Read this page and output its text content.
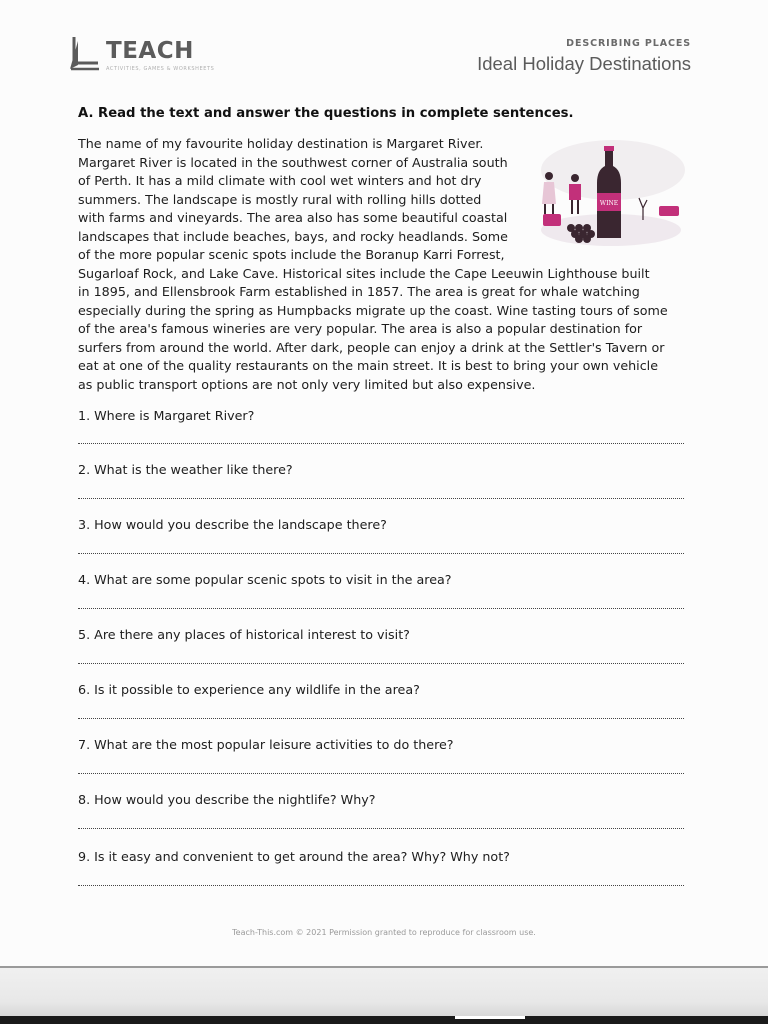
TEACH
ACTIVITIES, GAMES & WORKSHEETS
DESCRIBING PLACES
Ideal Holiday Destinations
A. Read the text and answer the questions in complete sentences.
WINE
The name of my favourite holiday destination is Margaret River.
Margaret River is located in the southwest corner of Australia south
of Perth. It has a mild climate with cool wet winters and hot dry
summers. The landscape is mostly rural with rolling hills dotted
with farms and vineyards. The area also has some beautiful coastal
landscapes that include beaches, bays, and rocky headlands. Some
of the more popular scenic spots include the Boranup Karri Forrest,
Sugarloaf Rock, and Lake Cave. Historical sites include the Cape Leeuwin Lighthouse built
in 1895, and Ellensbrook Farm established in 1857. The area is great for whale watching
especially during the spring as Humpbacks migrate up the coast. Wine tasting tours of some
of the area's famous wineries are very popular. The area is also a popular destination for
surfers from around the world. After dark, people can enjoy a drink at the Settler's Tavern or
eat at one of the quality restaurants on the main street. It is best to bring your own vehicle
as public transport options are not only very limited but also expensive.
1. Where is Margaret River?
2. What is the weather like there?
3. How would you describe the landscape there?
4. What are some popular scenic spots to visit in the area?
5. Are there any places of historical interest to visit?
6. Is it possible to experience any wildlife in the area?
7. What are the most popular leisure activities to do there?
8. How would you describe the nightlife? Why?
9. Is it easy and convenient to get around the area? Why? Why not?
Teach-This.com © 2021 Permission granted to reproduce for classroom use.
